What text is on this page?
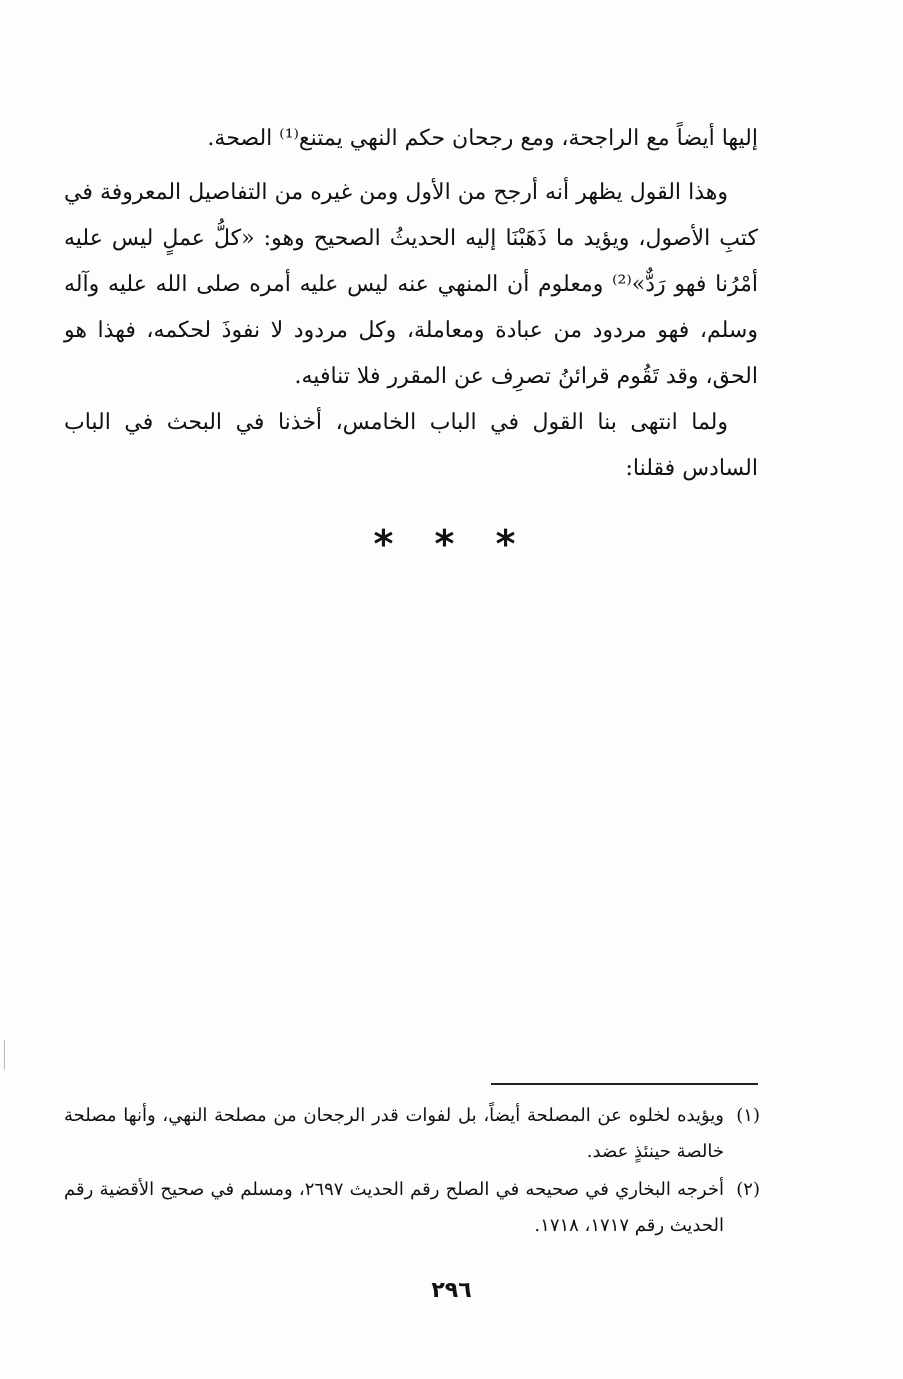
إليها أيضاً مع الراجحة، ومع رجحان حكم النهي يمتنع⁽¹⁾ الصحة.

وهذا القول يظهر أنه أرجح من الأول ومن غيره من التفاصيل المعروفة في كتبِ الأصول، ويؤيد ما ذَهَبْنَا إليه الحديثُ الصحيح وهو: «كلُّ عملٍ ليس عليه أمْرُنا فهو رَدٌّ»⁽²⁾ ومعلوم أن المنهي عنه ليس عليه أمره صلى الله عليه وآله وسلم، فهو مردود من عبادة ومعاملة، وكل مردود لا نفوذَ لحكمه، فهذا هو الحق، وقد تَقُوم قرائنُ تصرِف عن المقرر فلا تنافيه.

ولما انتهى بنا القول في الباب الخامس، أخذنا في البحث في الباب السادس فقلنا:

* * *
(١)
ويؤيده لخلوه عن المصلحة أيضاً، بل لفوات قدر الرجحان من مصلحة النهي، وأنها مصلحة خالصة حينئذٍ عضد.
(٢)
أخرجه البخاري في صحيحه في الصلح رقم الحديث ٢٦٩٧، ومسلم في صحيح الأقضية رقم الحديث رقم ١٧١٧، ١٧١٨.
٢٩٦
